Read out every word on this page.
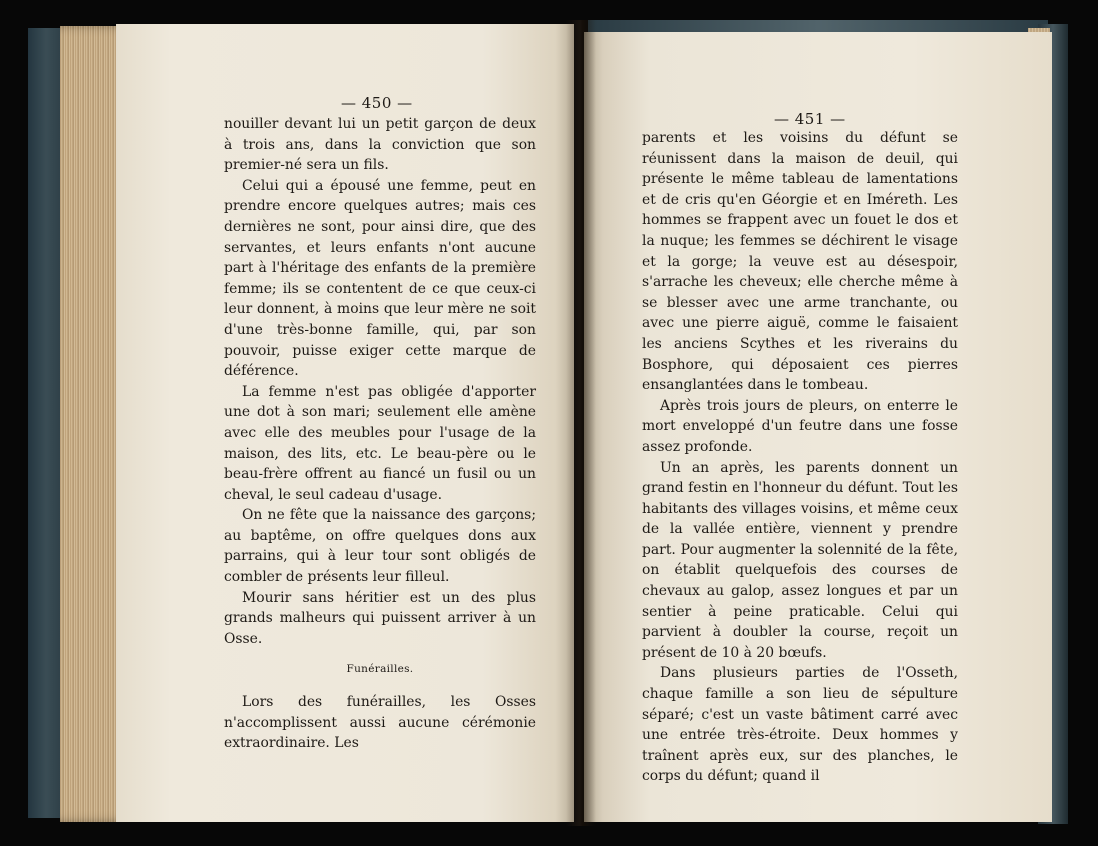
— 450 —

nouiller devant lui un petit garçon de deux à trois ans, dans la conviction que son premier-né sera un fils.

Celui qui a épousé une femme, peut en prendre encore quelques autres; mais ces dernières ne sont, pour ainsi dire, que des servantes, et leurs enfants n'ont aucune part à l'héritage des enfants de la première femme; ils se contentent de ce que ceux-ci leur donnent, à moins que leur mère ne soit d'une très-bonne famille, qui, par son pouvoir, puisse exiger cette marque de déférence.

La femme n'est pas obligée d'apporter une dot à son mari; seulement elle amène avec elle des meubles pour l'usage de la maison, des lits, etc. Le beau-père ou le beau-frère offrent au fiancé un fusil ou un cheval, le seul cadeau d'usage.

On ne fête que la naissance des garçons; au baptême, on offre quelques dons aux parrains, qui à leur tour sont obligés de combler de présents leur filleul.

Mourir sans héritier est un des plus grands malheurs qui puissent arriver à un Osse.

Funérailles.

Lors des funérailles, les Osses n'accomplissent aussi aucune cérémonie extraordinaire. Les

— 451 —

parents et les voisins du défunt se réunissent dans la maison de deuil, qui présente le même tableau de lamentations et de cris qu'en Géorgie et en Iméreth. Les hommes se frappent avec un fouet le dos et la nuque; les femmes se déchirent le visage et la gorge; la veuve est au désespoir, s'arrache les cheveux; elle cherche même à se blesser avec une arme tranchante, ou avec une pierre aiguë, comme le faisaient les anciens Scythes et les riverains du Bosphore, qui déposaient ces pierres ensanglantées dans le tombeau.

Après trois jours de pleurs, on enterre le mort enveloppé d'un feutre dans une fosse assez profonde.

Un an après, les parents donnent un grand festin en l'honneur du défunt. Tout les habitants des villages voisins, et même ceux de la vallée entière, viennent y prendre part. Pour augmenter la solennité de la fête, on établit quelquefois des courses de chevaux au galop, assez longues et par un sentier à peine praticable. Celui qui parvient à doubler la course, reçoit un présent de 10 à 20 bœufs.

Dans plusieurs parties de l'Osseth, chaque famille a son lieu de sépulture séparé; c'est un vaste bâtiment carré avec une entrée très-étroite. Deux hommes y traînent après eux, sur des planches, le corps du défunt; quand il
